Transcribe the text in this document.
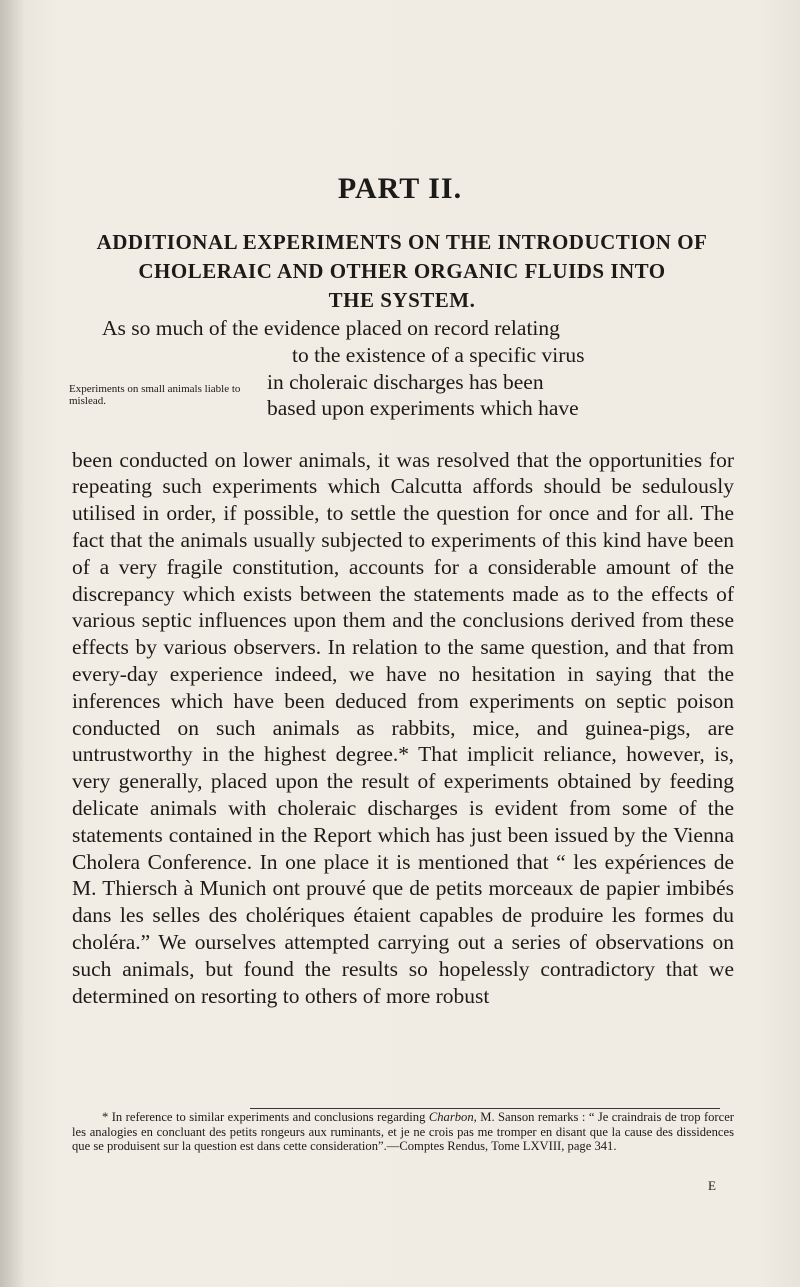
PART II.
ADDITIONAL EXPERIMENTS ON THE INTRODUCTION OF
CHOLERAIC AND OTHER ORGANIC FLUIDS INTO
THE SYSTEM.
As so much of the evidence placed on record relating
to the existence of a specific virus
Experiments on small animals liable to mislead.
in choleraic discharges has been
based upon experiments which have
been conducted on lower animals, it was resolved that the opportunities for repeating such experiments which Calcutta affords should be sedulously utilised in order, if possible, to settle the question for once and for all. The fact that the animals usually subjected to experiments of this kind have been of a very fragile constitution, accounts for a considerable amount of the discrepancy which exists between the statements made as to the effects of various septic influences upon them and the conclusions derived from these effects by various observers. In relation to the same question, and that from every-day experience indeed, we have no hesitation in saying that the inferences which have been deduced from experiments on septic poison conducted on such animals as rabbits, mice, and guinea-pigs, are untrustworthy in the highest degree.* That implicit reliance, however, is, very generally, placed upon the result of experiments obtained by feeding delicate animals with choleraic discharges is evident from some of the statements contained in the Report which has just been issued by the Vienna Cholera Conference. In one place it is mentioned that “ les expériences de M. Thiersch à Munich ont prouvé que de petits morceaux de papier imbibés dans les selles des cholériques étaient capables de produire les formes du choléra.” We ourselves attempted carrying out a series of observations on such animals, but found the results so hopelessly contradictory that we determined on resorting to others of more robust

* In reference to similar experiments and conclusions regarding Charbon, M. Sanson remarks : “ Je craindrais de trop forcer les analogies en concluant des petits rongeurs aux ruminants, et je ne crois pas me tromper en disant que la cause des dissidences que se produisent sur la question est dans cette consideration”.—Comptes Rendus, Tome LXVIII, page 341.

E
